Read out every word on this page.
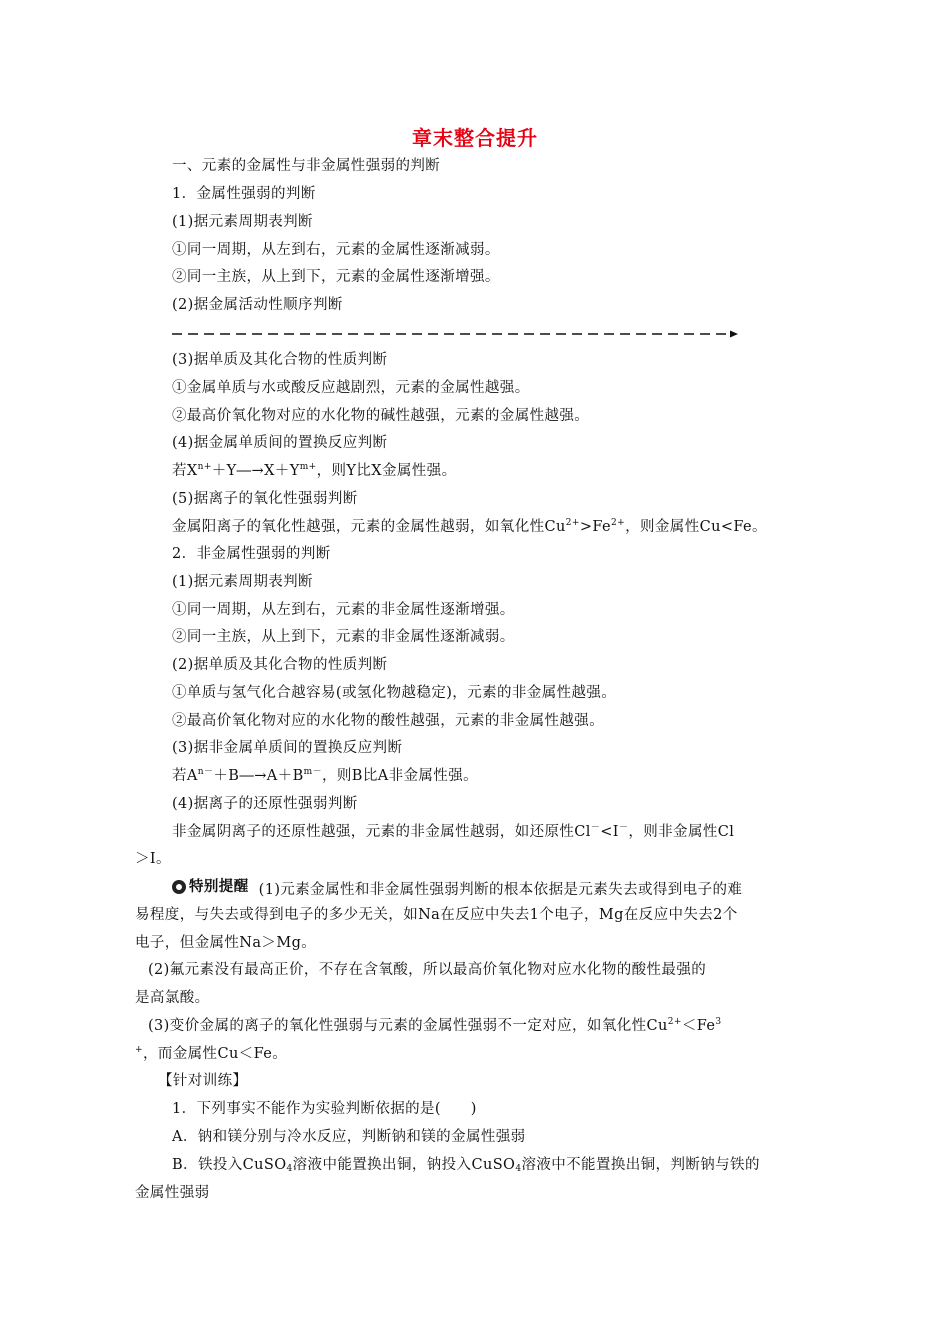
章末整合提升
一、元素的金属性与非金属性强弱的判断
1．金属性强弱的判断
(1)据元素周期表判断
①同一周期，从左到右，元素的金属性逐渐减弱。
②同一主族，从上到下，元素的金属性逐渐增强。
(2)据金属活动性顺序判断
(3)据单质及其化合物的性质判断
①金属单质与水或酸反应越剧烈，元素的金属性越强。
②最高价氧化物对应的水化物的碱性越强，元素的金属性越强。
(4)据金属单质间的置换反应判断
若$X^{n+}+Y―\to X+Y^{m+}$，则Y比X金属性强。
(5)据离子的氧化性强弱判断
金属阳离子的氧化性越强，元素的金属性越弱，如氧化性$Cu^{2+}>Fe^{2+}$，则金属性Cu<Fe。
2．非金属性强弱的判断
(1)据元素周期表判断
①同一周期，从左到右，元素的非金属性逐渐增强。
②同一主族，从上到下，元素的非金属性逐渐减弱。
(2)据单质及其化合物的性质判断
①单质与氢气化合越容易(或氢化物越稳定)，元素的非金属性越强。
②最高价氧化物对应的水化物的酸性越强，元素的非金属性越强。
(3)据非金属单质间的置换反应判断
若$A^{n-}+B―\to A+B^{m-}$，则B比A非金属性强。
(4)据离子的还原性强弱判断
非金属阴离子的还原性越强，元素的非金属性越弱，如还原性Cl－<I－，则非金属性Cl
＞I。
特别提醒 (1)元素金属性和非金属性强弱判断的根本依据是元素失去或得到电子的难
易程度，与失去或得到电子的多少无关，如Na在反应中失去1个电子，Mg在反应中失去2个
电子，但金属性Na＞Mg。
(2)氟元素没有最高正价，不存在含氧酸，所以最高价氧化物对应水化物的酸性最强的
是高氯酸。
(3)变价金属的离子的氧化性强弱与元素的金属性强弱不一定对应，如氧化性$Cu^{2+}<Fe^3$
+，而金属性Cu＜Fe。
【针对训练】
1．下列事实不能作为实验判断依据的是(　　)
A．钠和镁分别与冷水反应，判断钠和镁的金属性强弱
B．铁投入CuSO$_4$溶液中能置换出铜，钠投入CuSO$_4$溶液中不能置换出铜，判断钠与铁的
金属性强弱
